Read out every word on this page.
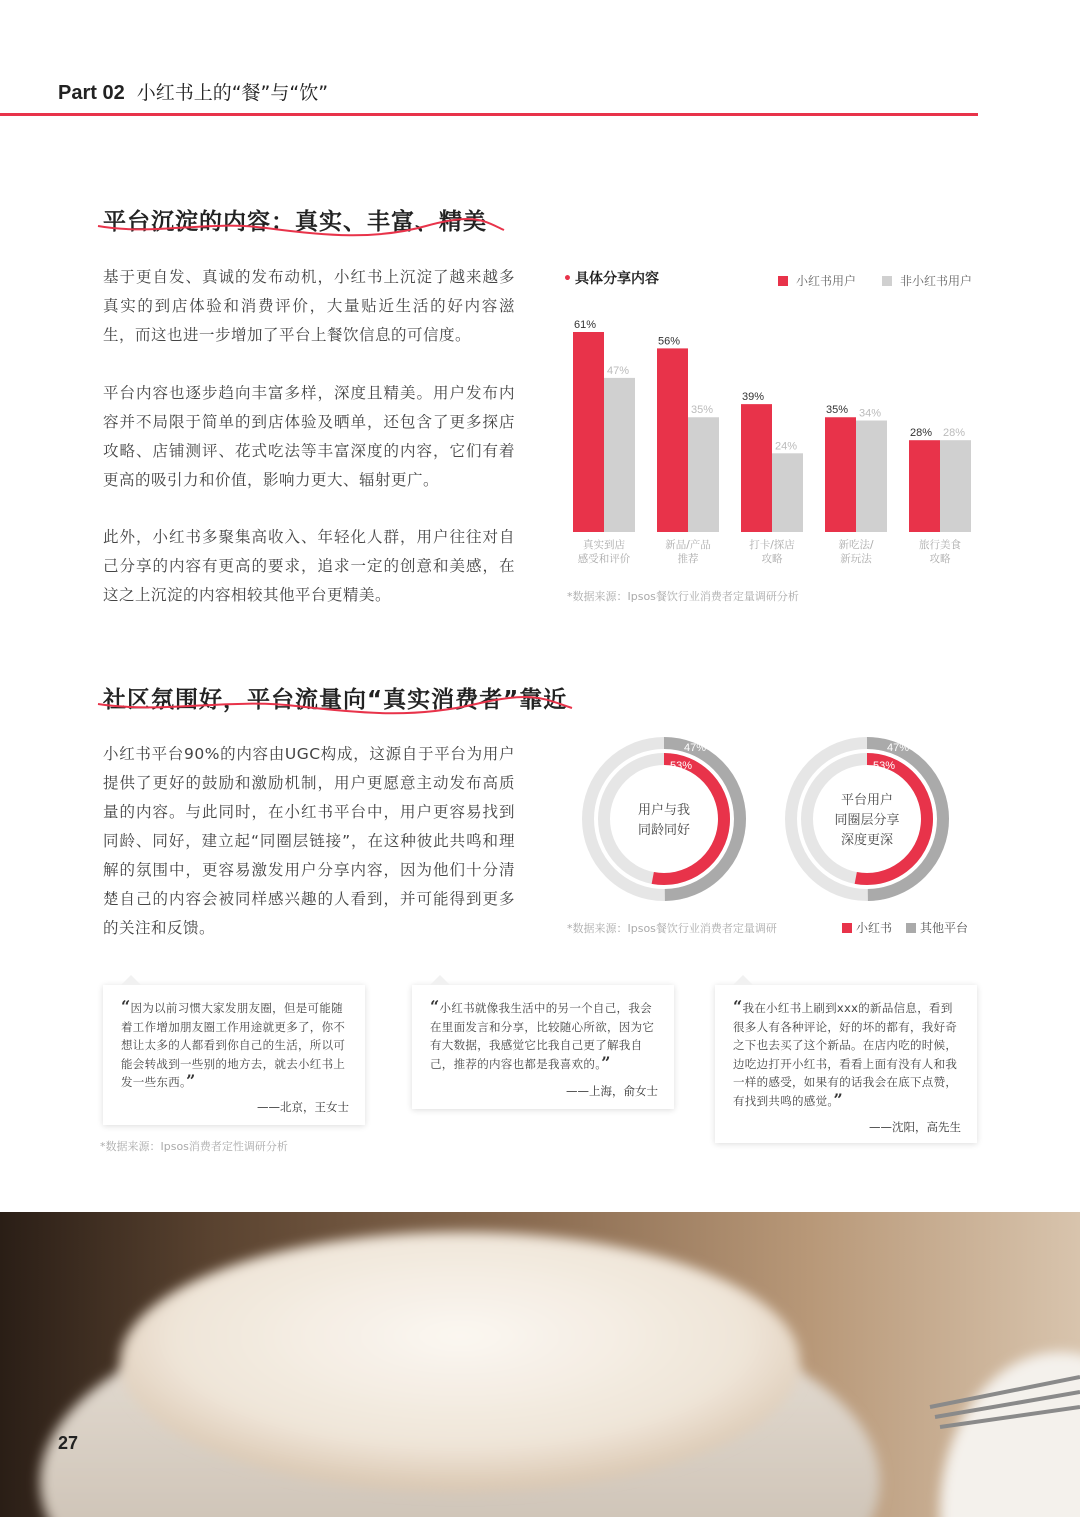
Part 02 小红书上的“餐”与“饮”
平台沉淀的内容：真实、丰富、精美

基于更自发、真诚的发布动机，小红书上沉淀了越来越多真实的到店体验和消费评价，大量贴近生活的好内容滋生，而这也进一步增加了平台上餐饮信息的可信度。

平台内容也逐步趋向丰富多样，深度且精美。用户发布内容并不局限于简单的到店体验及晒单，还包含了更多探店攻略、店铺测评、花式吃法等丰富深度的内容，它们有着更高的吸引力和价值，影响力更大、辐射更广。

此外，小红书多聚集高收入、年轻化人群，用户往往对自己分享的内容有更高的要求，追求一定的创意和美感，在这之上沉淀的内容相较其他平台更精美。

• 具体分享内容	小红书用户	非小红书用户
61%
47%
真实到店
感受和评价
56%
35%
新品/产品
推荐
39%
24%
打卡/探店
攻略
35% 34%
新吃法/
新玩法
28% 28%
旅行美食
攻略
*数据来源：Ipsos餐饮行业消费者定量调研分析
社区氛围好，平台流量向“真实消费者”靠近

小红书平台90%的内容由UGC构成，这源自于平台为用户提供了更好的鼓励和激励机制，用户更愿意主动发布高质量的内容。与此同时，在小红书平台中，用户更容易找到同龄、同好，建立起“同圈层链接”，在这种彼此共鸣和理解的氛围中，更容易激发用户分享内容，因为他们十分清楚自己的内容会被同样感兴趣的人看到，并可能得到更多的关注和反馈。

47%
53%
用户与我
同龄同好
47%
53%
平台用户
同圈层分享
深度更深
*数据来源：Ipsos餐饮行业消费者定量调研	小红书 其他平台

“因为以前习惯大家发朋友圈，但是可能随着工作增加朋友圈工作用途就更多了，你不想让太多的人都看到你自己的生活，所以可能会转战到一些别的地方去，就去小红书上发一些东西。”

——北京，王女士

“小红书就像我生活中的另一个自己，我会在里面发言和分享，比较随心所欲，因为它有大数据，我感觉它比我自己更了解我自己，推荐的内容也都是我喜欢的。”

——上海，俞女士

“我在小红书上刷到xxx的新品信息，看到很多人有各种评论，好的坏的都有，我好奇之下也去买了这个新品。在店内吃的时候，边吃边打开小红书，看看上面有没有人和我一样的感受，如果有的话我会在底下点赞，有找到共鸣的感觉。”

——沈阳，高先生
*数据来源：Ipsos消费者定性调研分析
27
